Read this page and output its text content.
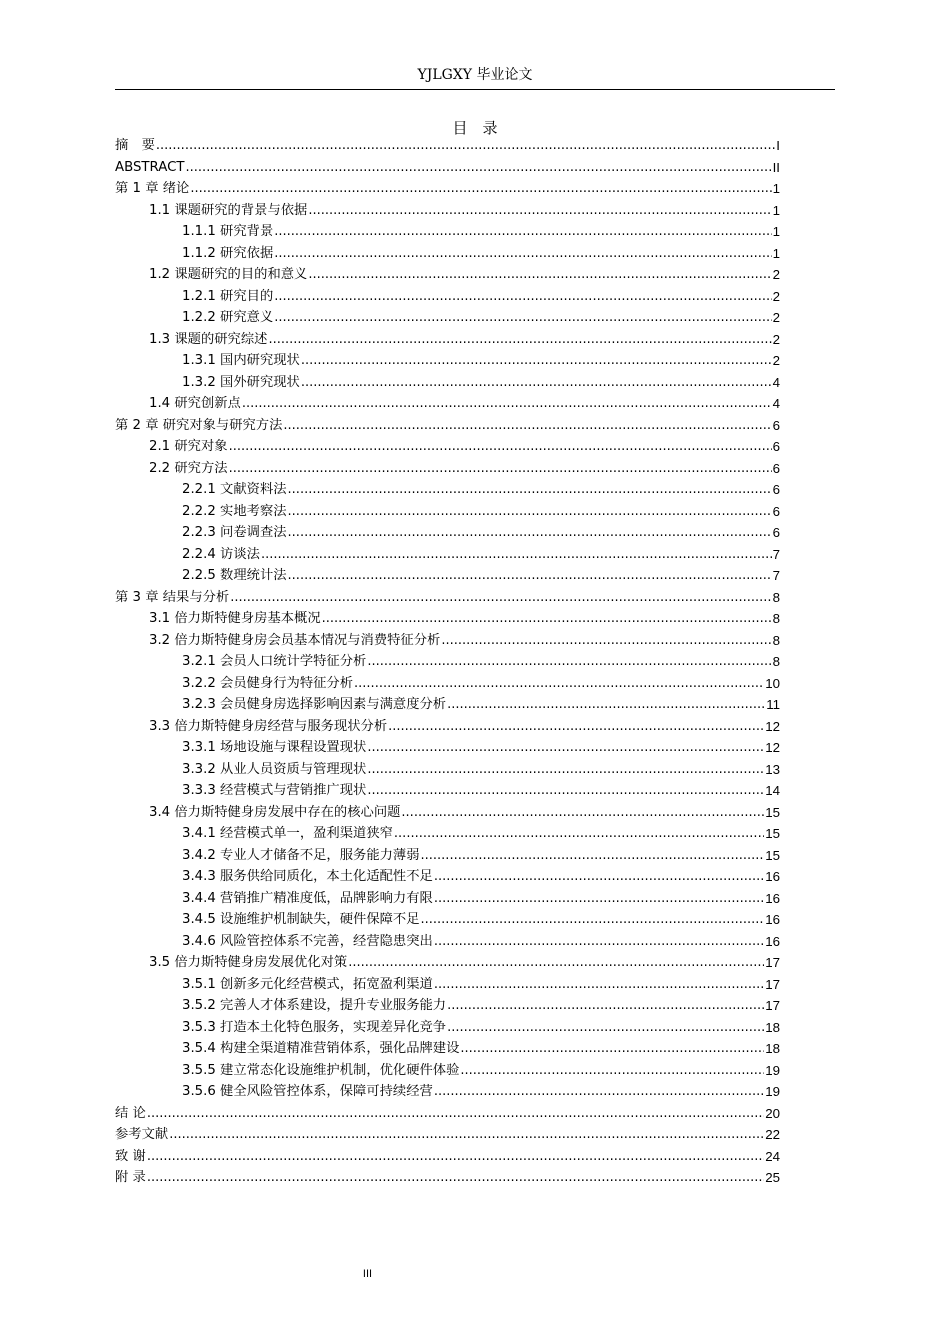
YJLGXY 毕业论文
目　录
摘　要 .....	I
ABSTRACT .....	II
第 1 章 绪论 .....	1
1.1 课题研究的背景与依据 .....	1
1.1.1 研究背景 .....	1
1.1.2 研究依据 .....	1
1.2 课题研究的目的和意义 .....	2
1.2.1 研究目的 .....	2
1.2.2 研究意义 .....	2
1.3 课题的研究综述 .....	2
1.3.1 国内研究现状 .....	2
1.3.2 国外研究现状 .....	4
1.4 研究创新点 .....	4
第 2 章 研究对象与研究方法 .....	6
2.1 研究对象 .....	6
2.2 研究方法 .....	6
2.2.1 文献资料法 .....	6
2.2.2 实地考察法 .....	6
2.2.3 问卷调查法 .....	6
2.2.4 访谈法 .....	7
2.2.5 数理统计法 .....	7
第 3 章 结果与分析 .....	8
3.1 倍力斯特健身房基本概况 .....	8
3.2 倍力斯特健身房会员基本情况与消费特征分析 .....	8
3.2.1 会员人口统计学特征分析 .....	8
3.2.2 会员健身行为特征分析 .....	10
3.2.3 会员健身房选择影响因素与满意度分析 .....	11
3.3 倍力斯特健身房经营与服务现状分析 .....	12
3.3.1 场地设施与课程设置现状 .....	12
3.3.2 从业人员资质与管理现状 .....	13
3.3.3 经营模式与营销推广现状 .....	14
3.4 倍力斯特健身房发展中存在的核心问题 .....	15
3.4.1 经营模式单一，盈利渠道狭窄 .....	15
3.4.2 专业人才储备不足，服务能力薄弱 .....	15
3.4.3 服务供给同质化，本土化适配性不足 .....	16
3.4.4 营销推广精准度低，品牌影响力有限 .....	16
3.4.5 设施维护机制缺失，硬件保障不足 .....	16
3.4.6 风险管控体系不完善，经营隐患突出 .....	16
3.5 倍力斯特健身房发展优化对策 .....	17
3.5.1 创新多元化经营模式，拓宽盈利渠道 .....	17
3.5.2 完善人才体系建设，提升专业服务能力 .....	17
3.5.3 打造本土化特色服务，实现差异化竞争 .....	18
3.5.4 构建全渠道精准营销体系，强化品牌建设 .....	18
3.5.5 建立常态化设施维护机制，优化硬件体验 .....	19
3.5.6 健全风险管控体系，保障可持续经营 .....	19
结 论 .....	20
参考文献 .....	22
致 谢 .....	24
附 录 .....	25
III
